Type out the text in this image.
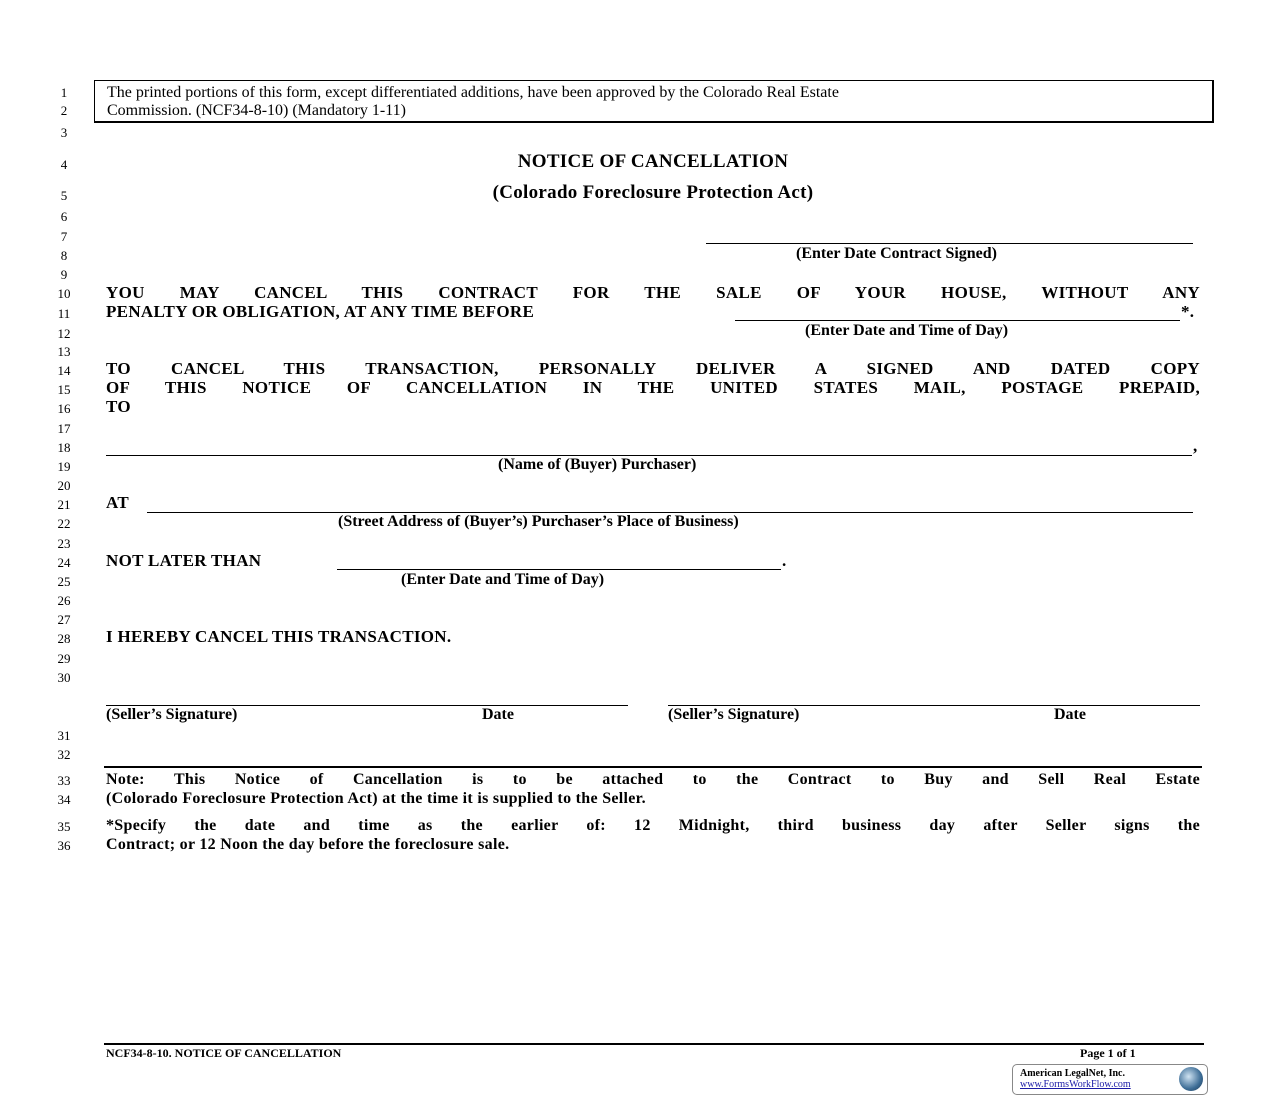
The printed portions of this form, except differentiated additions, have been approved by the Colorado Real Estate
Commission. (NCF34-8-10) (Mandatory 1-11)
1
2
3
4
5
6
7
8
9
10
11
12
13
14
15
16
17
18
19
20
21
22
23
24
25
26
27
28
29
30
31
32
33
34
35
36
NOTICE OF CANCELLATION
(Colorado Foreclosure Protection Act)
(Enter Date Contract Signed)
YOU MAY CANCEL THIS CONTRACT FOR THE SALE OF YOUR HOUSE, WITHOUT ANY
PENALTY OR OBLIGATION, AT ANY TIME BEFORE	*.
(Enter Date and Time of Day)
TO CANCEL THIS TRANSACTION, PERSONALLY DELIVER A SIGNED AND DATED COPY
OF THIS NOTICE OF CANCELLATION IN THE UNITED STATES MAIL, POSTAGE PREPAID,
TO
,
(Name of (Buyer) Purchaser)
AT
(Street Address of (Buyer’s) Purchaser’s Place of Business)
NOT LATER THAN	.
(Enter Date and Time of Day)
I HEREBY CANCEL THIS TRANSACTION.
(Seller’s Signature)	Date	(Seller’s Signature)	Date
Note: This Notice of Cancellation is to be attached to the Contract to Buy and Sell Real Estate
(Colorado Foreclosure Protection Act) at the time it is supplied to the Seller.
*Specify the date and time as the earlier of: 12 Midnight, third business day after Seller signs the
Contract; or 12 Noon the day before the foreclosure sale.
NCF34-8-10. NOTICE OF CANCELLATION	Page 1 of 1
American LegalNet, Inc.
www.FormsWorkFlow.com
